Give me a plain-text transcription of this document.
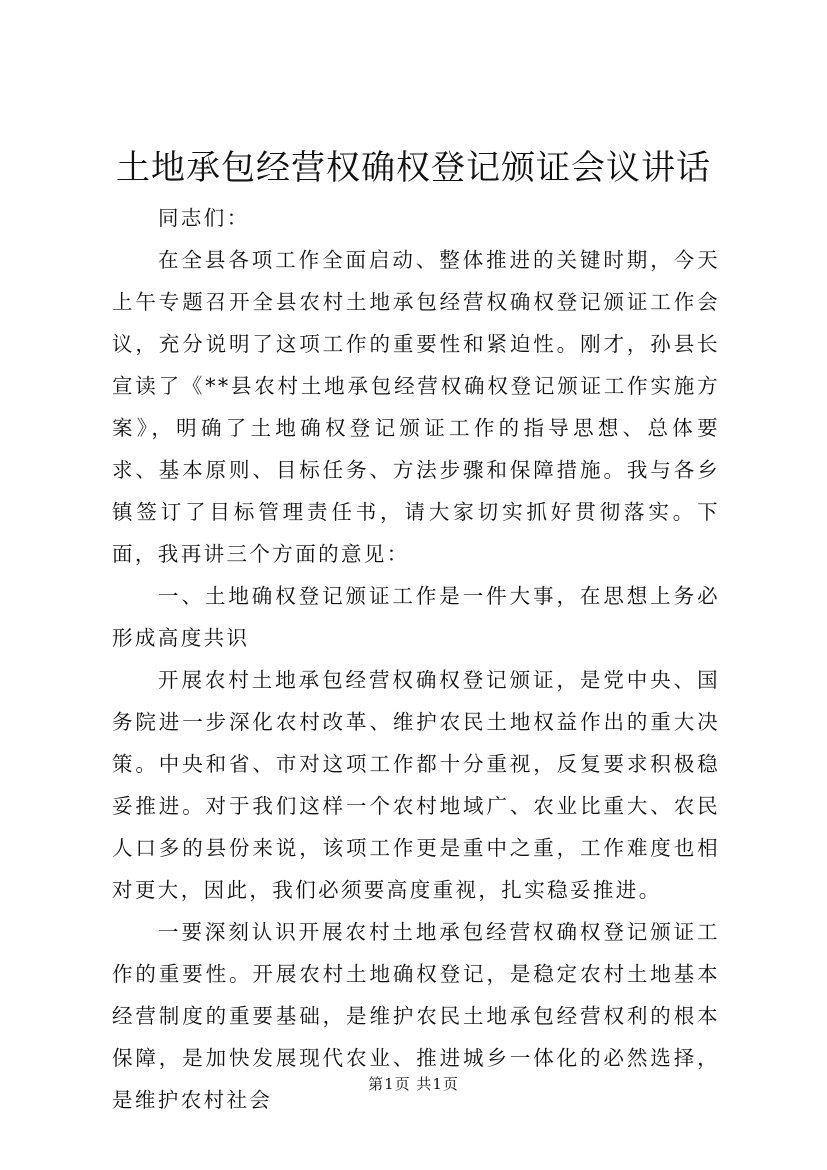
土地承包经营权确权登记颁证会议讲话

同志们：

在全县各项工作全面启动、整体推进的关键时期，今天上午专题召开全县农村土地承包经营权确权登记颁证工作会议，充分说明了这项工作的重要性和紧迫性。刚才，孙县长宣读了《**县农村土地承包经营权确权登记颁证工作实施方案》，明确了土地确权登记颁证工作的指导思想、总体要求、基本原则、目标任务、方法步骤和保障措施。我与各乡镇签订了目标管理责任书，请大家切实抓好贯彻落实。下面，我再讲三个方面的意见：

一、土地确权登记颁证工作是一件大事，在思想上务必形成高度共识

开展农村土地承包经营权确权登记颁证，是党中央、国务院进一步深化农村改革、维护农民土地权益作出的重大决策。中央和省、市对这项工作都十分重视，反复要求积极稳妥推进。对于我们这样一个农村地域广、农业比重大、农民人口多的县份来说，该项工作更是重中之重，工作难度也相对更大，因此，我们必须要高度重视，扎实稳妥推进。

一要深刻认识开展农村土地承包经营权确权登记颁证工作的重要性。开展农村土地确权登记，是稳定农村土地基本经营制度的重要基础，是维护农民土地承包经营权利的根本保障，是加快发展现代农业、推进城乡一体化的必然选择，是维护农村社会

第1页 共1页
